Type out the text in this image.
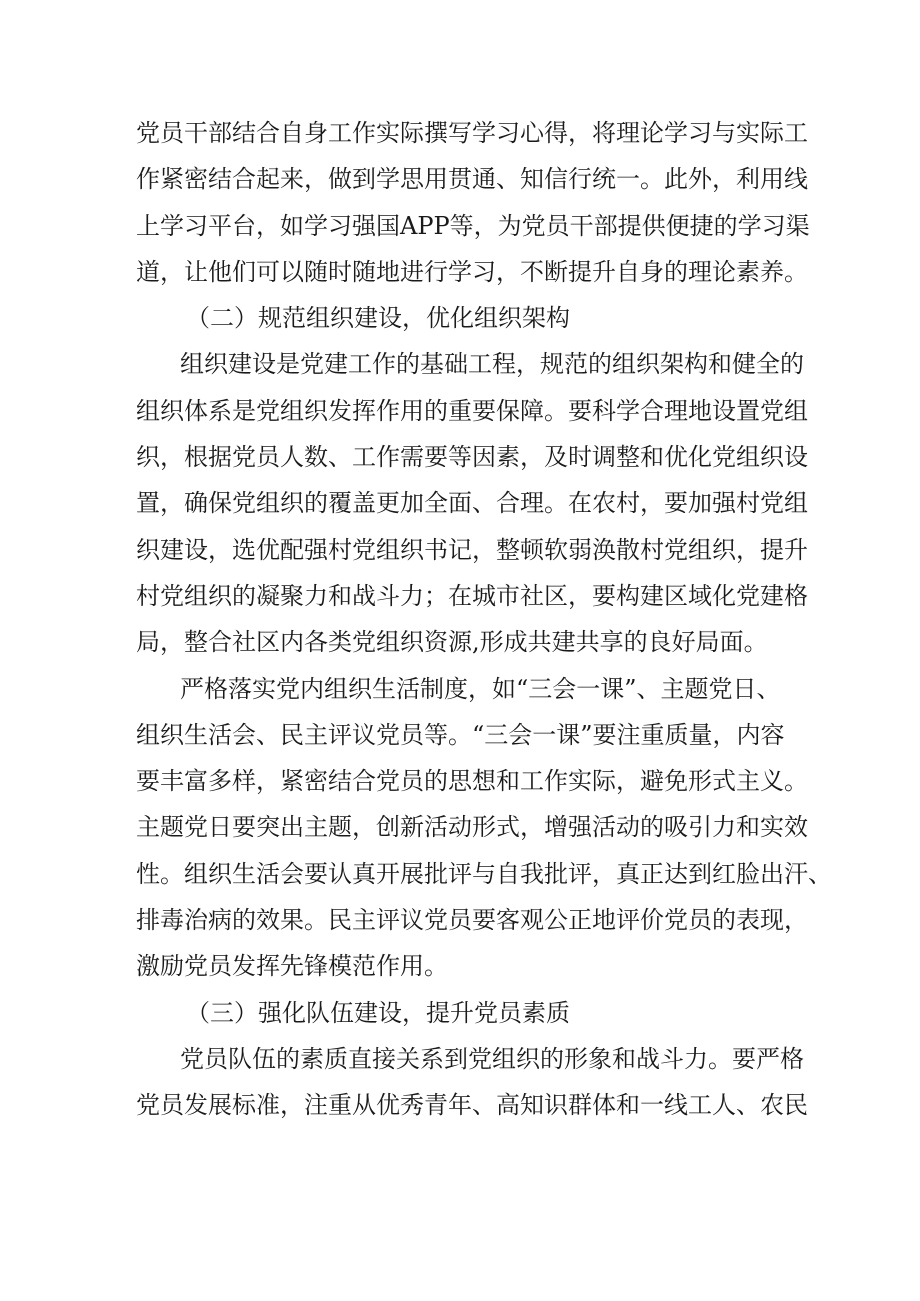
党员干部结合自身工作实际撰写学习心得，将理论学习与实际工
作紧密结合起来，做到学思用贯通、知信行统一。此外，利用线
上学习平台，如学习强国APP等，为党员干部提供便捷的学习渠
道，让他们可以随时随地进行学习，不断提升自身的理论素养。
（二）规范组织建设，优化组织架构
组织建设是党建工作的基础工程，规范的组织架构和健全的
组织体系是党组织发挥作用的重要保障。要科学合理地设置党组
织，根据党员人数、工作需要等因素，及时调整和优化党组织设
置，确保党组织的覆盖更加全面、合理。在农村，要加强村党组
织建设，选优配强村党组织书记，整顿软弱涣散村党组织，提升
村党组织的凝聚力和战斗力；在城市社区，要构建区域化党建格
局，整合社区内各类党组织资源,形成共建共享的良好局面。
严格落实党内组织生活制度，如“三会一课”、主题党日、
组织生活会、民主评议党员等。“三会一课”要注重质量，内容
要丰富多样，紧密结合党员的思想和工作实际，避免形式主义。
主题党日要突出主题，创新活动形式，增强活动的吸引力和实效
性。组织生活会要认真开展批评与自我批评，真正达到红脸出汗、
排毒治病的效果。民主评议党员要客观公正地评价党员的表现，
激励党员发挥先锋模范作用。
（三）强化队伍建设，提升党员素质
党员队伍的素质直接关系到党组织的形象和战斗力。要严格
党员发展标准，注重从优秀青年、高知识群体和一线工人、农民
